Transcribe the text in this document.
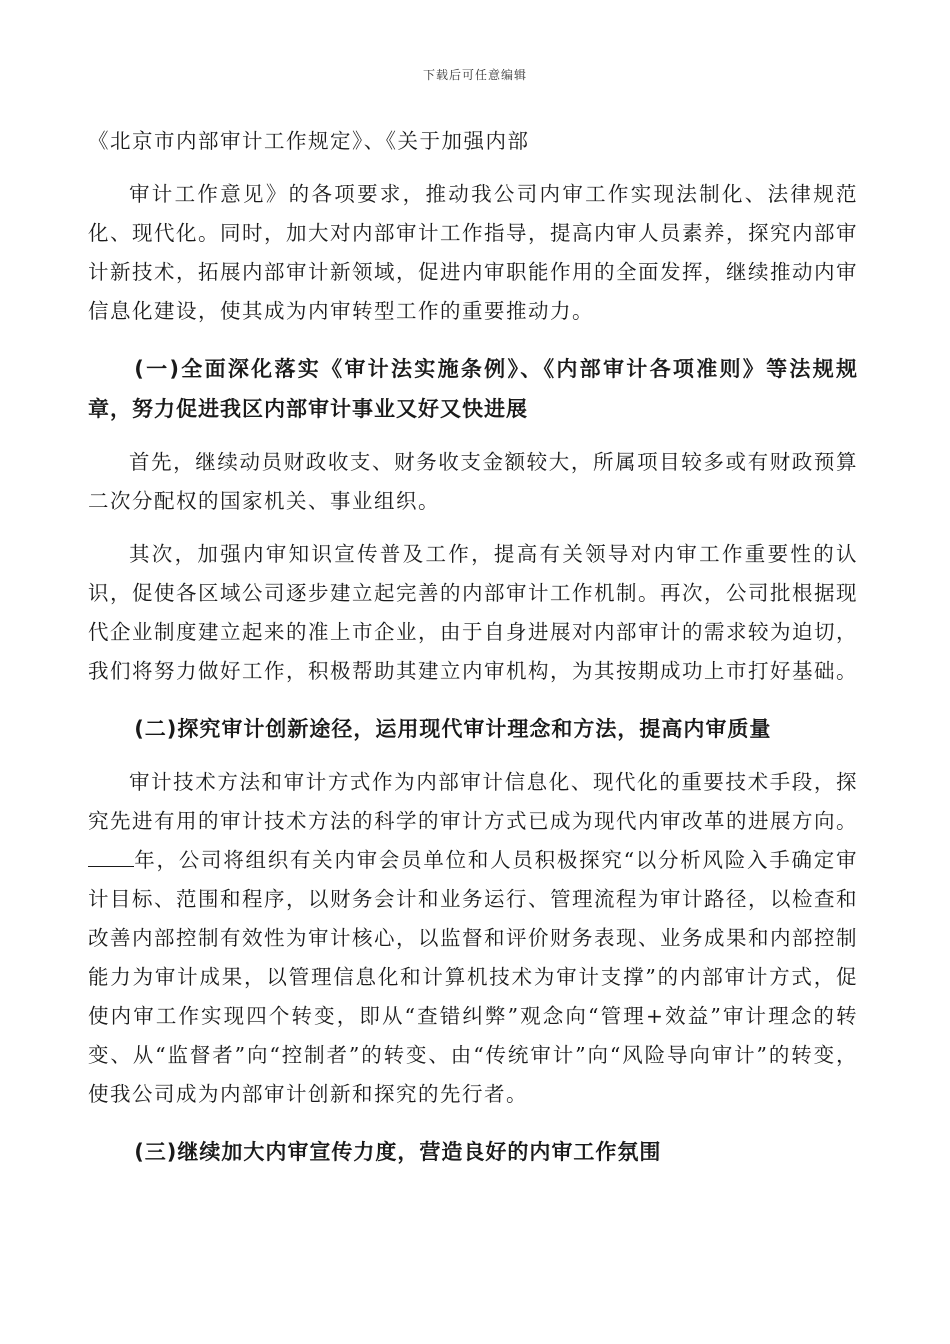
下载后可任意编辑

《北京市内部审计工作规定》、《关于加强内部

审计工作意见》的各项要求，推动我公司内审工作实现法制化、法律规范化、现代化。同时，加大对内部审计工作指导，提高内审人员素养，探究内部审计新技术，拓展内部审计新领域，促进内审职能作用的全面发挥，继续推动内审信息化建设，使其成为内审转型工作的重要推动力。

(一)全面深化落实《审计法实施条例》、《内部审计各项准则》等法规规章，努力促进我区内部审计事业又好又快进展

首先，继续动员财政收支、财务收支金额较大，所属项目较多或有财政预算二次分配权的国家机关、事业组织。

其次，加强内审知识宣传普及工作，提高有关领导对内审工作重要性的认识，促使各区域公司逐步建立起完善的内部审计工作机制。再次，公司批根据现代企业制度建立起来的准上市企业，由于自身进展对内部审计的需求较为迫切，我们将努力做好工作，积极帮助其建立内审机构，为其按期成功上市打好基础。

(二)探究审计创新途径，运用现代审计理念和方法，提高内审质量

审计技术方法和审计方式作为内部审计信息化、现代化的重要技术手段，探究先进有用的审计技术方法的科学的审计方式已成为现代内审改革的进展方向。年，公司将组织有关内审会员单位和人员积极探究“以分析风险入手确定审计目标、范围和程序，以财务会计和业务运行、管理流程为审计路径，以检查和改善内部控制有效性为审计核心，以监督和评价财务表现、业务成果和内部控制能力为审计成果，以管理信息化和计算机技术为审计支撑”的内部审计方式，促使内审工作实现四个转变，即从“查错纠弊”观念向“管理+效益”审计理念的转变、从“监督者”向“控制者”的转变、由“传统审计”向“风险导向审计”的转变，使我公司成为内部审计创新和探究的先行者。

(三)继续加大内审宣传力度，营造良好的内审工作氛围
